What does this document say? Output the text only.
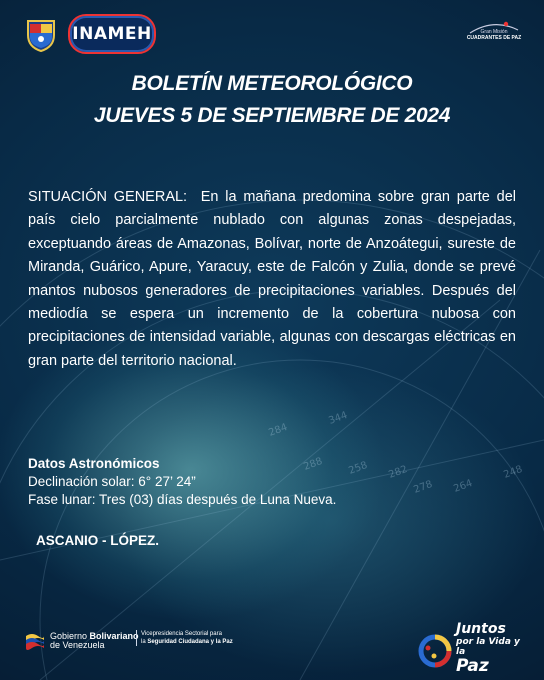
282
278 264
258	248
344
284
288
INAMEH	Gran Misión
CUADRANTES DE PAZ
BOLETÍN METEOROLÓGICO
JUEVES 5 DE SEPTIEMBRE DE 2024
SITUACIÓN GENERAL: En la mañana predomina sobre gran parte del país cielo parcialmente nublado con algunas zonas despejadas, exceptuando áreas de Amazonas, Bolívar, norte de Anzoátegui, sureste de Miranda, Guárico, Apure, Yaracuy, este de Falcón y Zulia, donde se prevé mantos nubosos generadores de precipitaciones variables. Después del mediodía se espera un incremento de la cobertura nubosa con precipitaciones de intensidad variable, algunas con descargas eléctricas en gran parte del territorio nacional.
Datos Astronómicos
Declinación solar: 6° 27’ 24”
Fase lunar: Tres (03) días después de Luna Nueva.
ASCANIO - LÓPEZ.
Gobierno Bolivariano
de Venezuela
Vicepresidencia Sectorial para
la Seguridad Ciudadana y la Paz
Juntos
por la Vida y la
Paz
